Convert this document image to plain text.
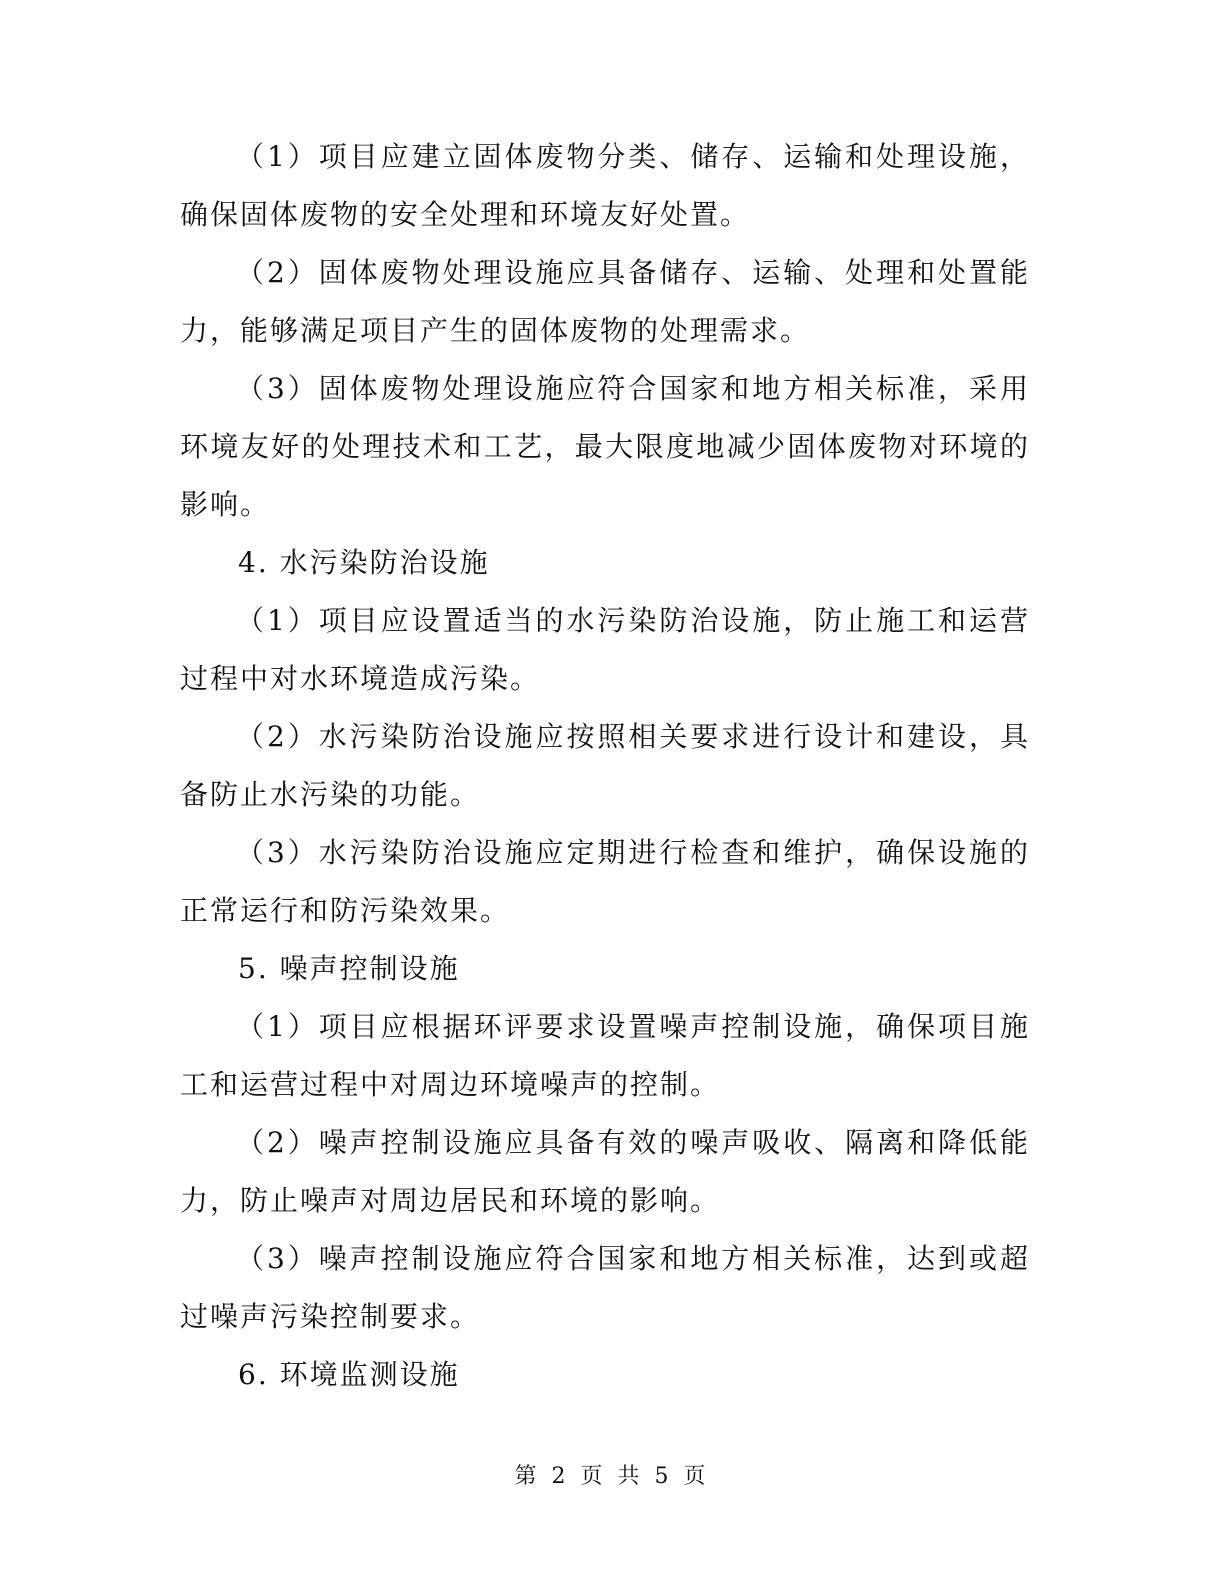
（1）项目应建立固体废物分类、储存、运输和处理设施，确保固体废物的安全处理和环境友好处置。

（2）固体废物处理设施应具备储存、运输、处理和处置能力，能够满足项目产生的固体废物的处理需求。

（3）固体废物处理设施应符合国家和地方相关标准，采用环境友好的处理技术和工艺，最大限度地减少固体废物对环境的影响。

4. 水污染防治设施

（1）项目应设置适当的水污染防治设施，防止施工和运营过程中对水环境造成污染。

（2）水污染防治设施应按照相关要求进行设计和建设，具备防止水污染的功能。

（3）水污染防治设施应定期进行检查和维护，确保设施的正常运行和防污染效果。

5. 噪声控制设施

（1）项目应根据环评要求设置噪声控制设施，确保项目施工和运营过程中对周边环境噪声的控制。

（2）噪声控制设施应具备有效的噪声吸收、隔离和降低能力，防止噪声对周边居民和环境的影响。

（3）噪声控制设施应符合国家和地方相关标准，达到或超过噪声污染控制要求。

6. 环境监测设施

第 2 页 共 5 页
